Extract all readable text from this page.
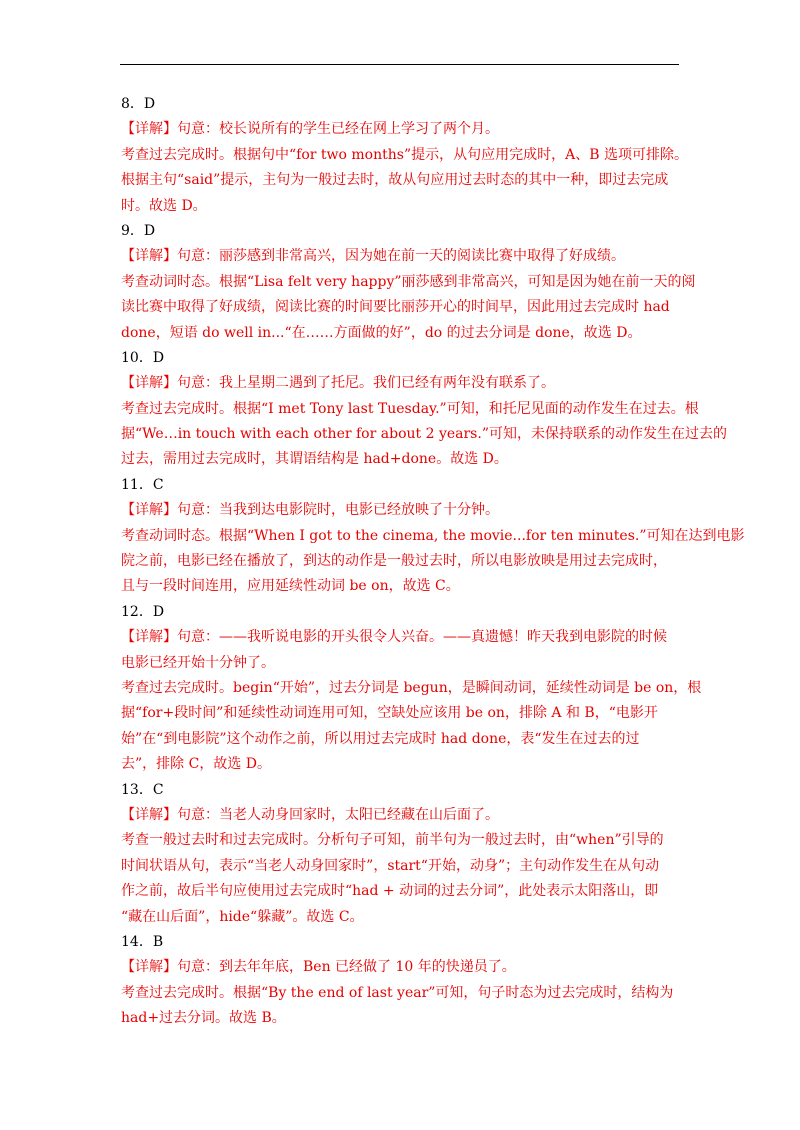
8．D
【详解】句意：校长说所有的学生已经在网上学习了两个月。
考查过去完成时。根据句中“for two months”提示，从句应用完成时，A、B 选项可排除。
根据主句“said”提示，主句为一般过去时，故从句应用过去时态的其中一种，即过去完成
时。故选 D。
9．D
【详解】句意：丽莎感到非常高兴，因为她在前一天的阅读比赛中取得了好成绩。
考查动词时态。根据“Lisa felt very happy”丽莎感到非常高兴，可知是因为她在前一天的阅
读比赛中取得了好成绩，阅读比赛的时间要比丽莎开心的时间早，因此用过去完成时 had
done，短语 do well in...“在……方面做的好”，do 的过去分词是 done，故选 D。
10．D
【详解】句意：我上星期二遇到了托尼。我们已经有两年没有联系了。
考查过去完成时。根据“I met Tony last Tuesday.”可知，和托尼见面的动作发生在过去。根
据“We…in touch with each other for about 2 years.”可知，未保持联系的动作发生在过去的
过去，需用过去完成时，其谓语结构是 had+done。故选 D。
11．C
【详解】句意：当我到达电影院时，电影已经放映了十分钟。
考查动词时态。根据“When I got to the cinema, the movie...for ten minutes.”可知在达到电影
院之前，电影已经在播放了，到达的动作是一般过去时，所以电影放映是用过去完成时，
且与一段时间连用，应用延续性动词 be on，故选 C。
12．D
【详解】句意：——我听说电影的开头很令人兴奋。——真遗憾！昨天我到电影院的时候
电影已经开始十分钟了。
考查过去完成时。begin“开始”，过去分词是 begun，是瞬间动词，延续性动词是 be on，根
据“for+段时间”和延续性动词连用可知，空缺处应该用 be on，排除 A 和 B，“电影开
始”在“到电影院”这个动作之前，所以用过去完成时 had done，表“发生在过去的过
去”，排除 C，故选 D。
13．C
【详解】句意：当老人动身回家时，太阳已经藏在山后面了。
考查一般过去时和过去完成时。分析句子可知，前半句为一般过去时，由“when”引导的
时间状语从句，表示“当老人动身回家时”，start“开始，动身”；主句动作发生在从句动
作之前，故后半句应使用过去完成时“had + 动词的过去分词”，此处表示太阳落山，即
“藏在山后面”，hide“躲藏”。故选 C。
14．B
【详解】句意：到去年年底，Ben 已经做了 10 年的快递员了。
考查过去完成时。根据“By the end of last year”可知，句子时态为过去完成时，结构为
had+过去分词。故选 B。
